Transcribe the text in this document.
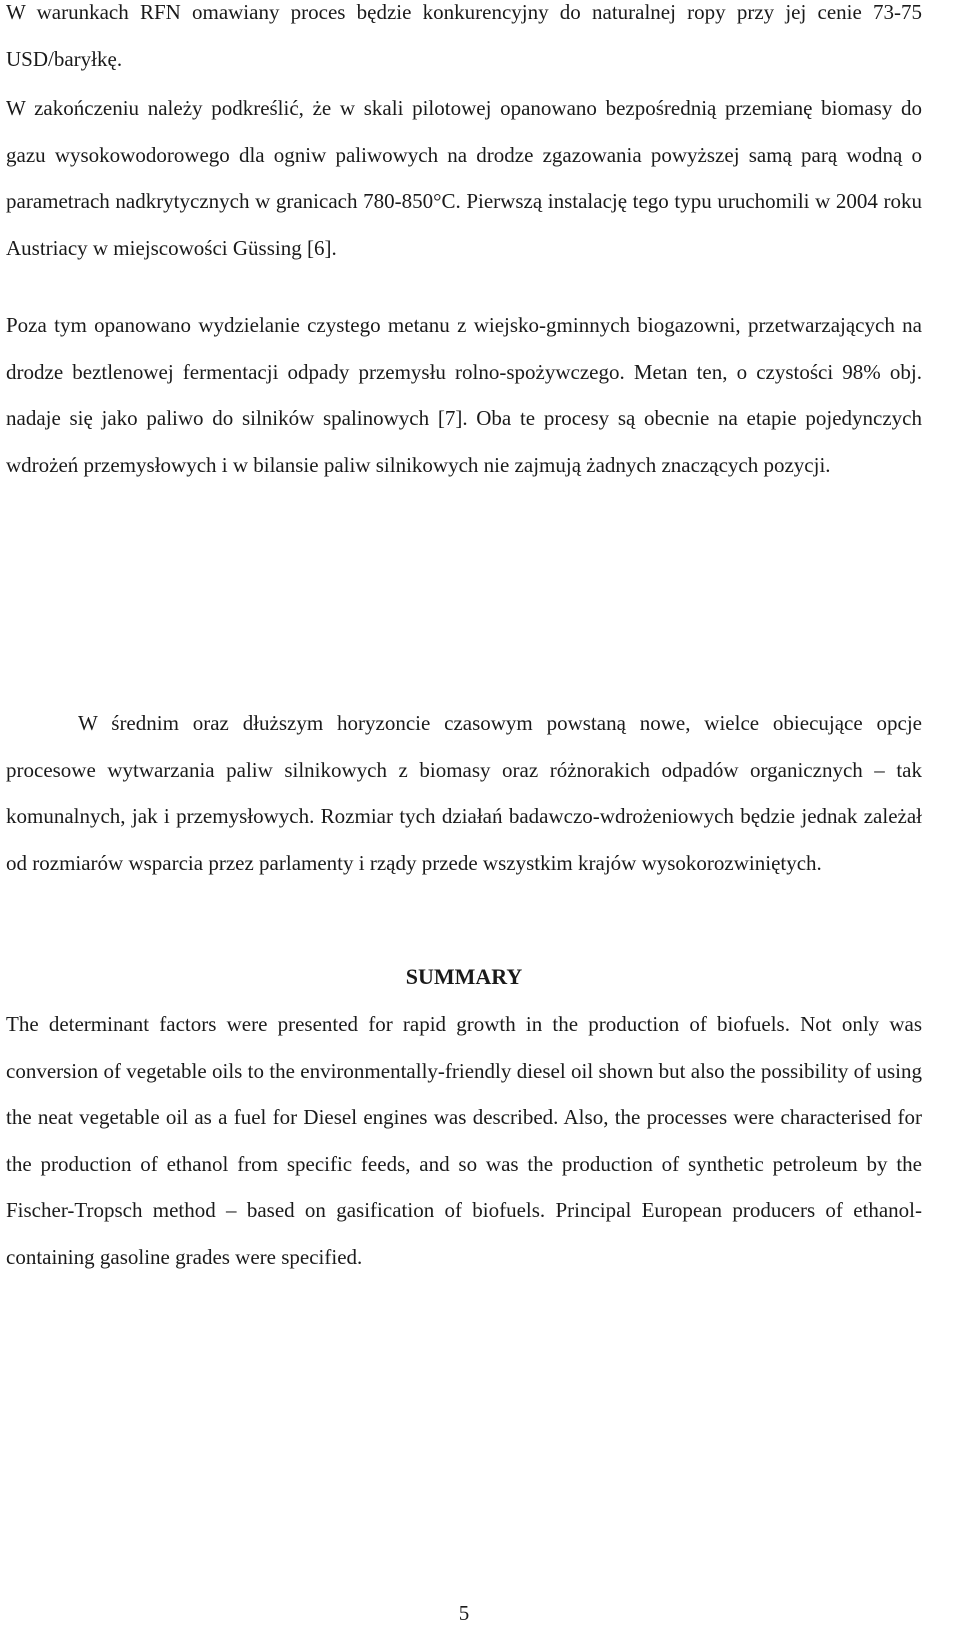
W warunkach RFN omawiany proces będzie konkurencyjny do naturalnej ropy przy jej cenie 73-75 USD/baryłkę.

W zakończeniu należy podkreślić, że w skali pilotowej opanowano bezpośrednią przemianę biomasy do gazu wysokowodorowego dla ogniw paliwowych na drodze zgazowania powyższej samą parą wodną o parametrach nadkrytycznych w granicach 780-850°C. Pierwszą instalację tego typu uruchomili w 2004 roku Austriacy w miejscowości Güssing [6].

Poza tym opanowano wydzielanie czystego metanu z wiejsko-gminnych biogazowni, przetwarzających na drodze beztlenowej fermentacji odpady przemysłu rolno-spożywczego. Metan ten, o czystości 98% obj. nadaje się jako paliwo do silników spalinowych [7]. Oba te procesy są obecnie na etapie pojedynczych wdrożeń przemysłowych i w bilansie paliw silnikowych nie zajmują żadnych znaczących pozycji.

W średnim oraz dłuższym horyzoncie czasowym powstaną nowe, wielce obiecujące opcje procesowe wytwarzania paliw silnikowych z biomasy oraz różnorakich odpadów organicznych – tak komunalnych, jak i przemysłowych. Rozmiar tych działań badawczo-wdrożeniowych będzie jednak zależał od rozmiarów wsparcia przez parlamenty i rządy przede wszystkim krajów wysokorozwiniętych.

SUMMARY

The determinant factors were presented for rapid growth in the production of biofuels. Not only was conversion of vegetable oils to the environmentally-friendly diesel oil shown but also the possibility of using the neat vegetable oil as a fuel for Diesel engines was described. Also, the processes were characterised for the production of ethanol from specific feeds, and so was the production of synthetic petroleum by the Fischer-Tropsch method – based on gasification of biofuels. Principal European producers of ethanol-containing gasoline grades were specified.

5
